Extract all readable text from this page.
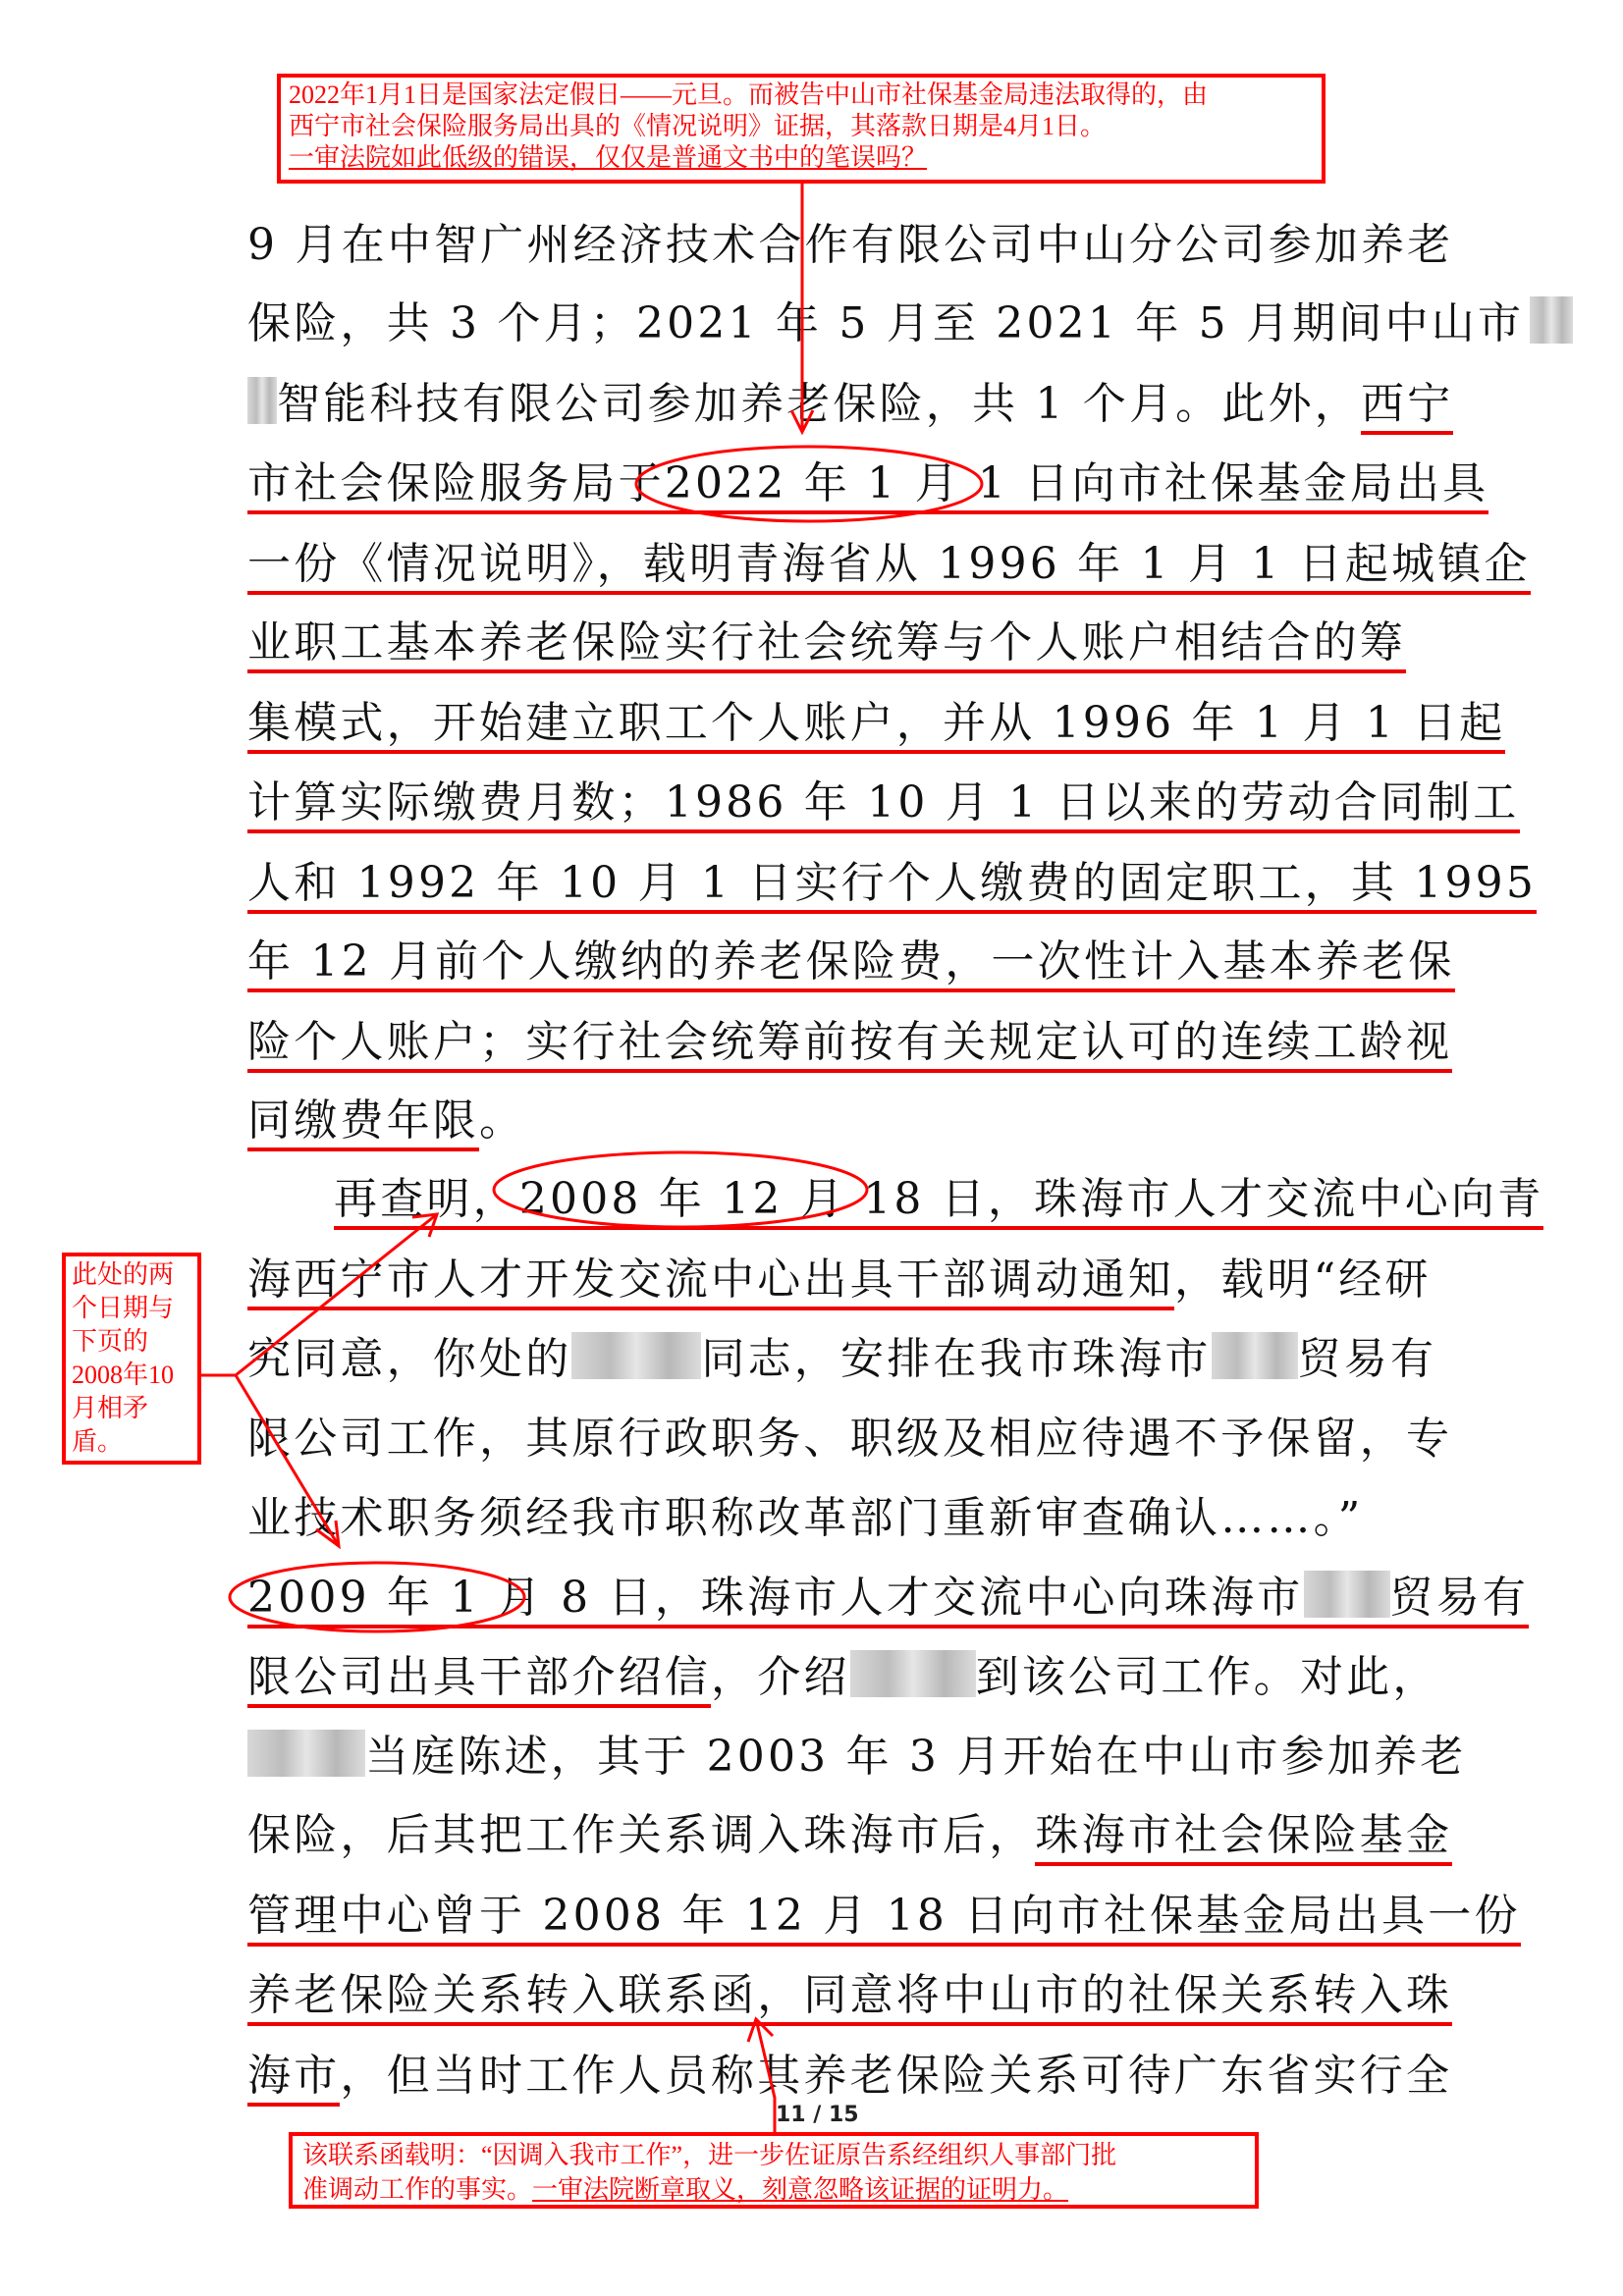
9 月在中智广州经济技术合作有限公司中山分公司参加养老
保险，共 3 个月；2021 年 5 月至 2021 年 5 月期间中山市
智能科技有限公司参加养老保险，共 1 个月。此外，西宁
市社会保险服务局于2022 年 1 月 1 日向市社保基金局出具
一份《情况说明》，载明青海省从 1996 年 1 月 1 日起城镇企
业职工基本养老保险实行社会统筹与个人账户相结合的筹
集模式，开始建立职工个人账户，并从 1996 年 1 月 1 日起
计算实际缴费月数；1986 年 10 月 1 日以来的劳动合同制工
人和 1992 年 10 月 1 日实行个人缴费的固定职工，其 1995
年 12 月前个人缴纳的养老保险费，一次性计入基本养老保
险个人账户；实行社会统筹前按有关规定认可的连续工龄视
同缴费年限。
再查明，2008 年 12 月 18 日，珠海市人才交流中心向青
海西宁市人才开发交流中心出具干部调动通知，载明“经研
究同意，你处的	同志，安排在我市珠海市 贸易有
限公司工作，其原行政职务、职级及相应待遇不予保留，专
业技术职务须经我市职称改革部门重新审查确认……。”
2009 年 1 月 8 日，珠海市人才交流中心向珠海市 贸易有
限公司出具干部介绍信，介绍	到该公司工作。对此，
当庭陈述，其于 2003 年 3 月开始在中山市参加养老
保险，后其把工作关系调入珠海市后，珠海市社会保险基金
管理中心曾于 2008 年 12 月 18 日向市社保基金局出具一份
养老保险关系转入联系函，同意将中山市的社保关系转入珠
海市，但当时工作人员称其养老保险关系可待广东省实行全
11 / 15
2022年1月1日是国家法定假日——元旦。而被告中山市社保基金局违法取得的，由
西宁市社会保险服务局出具的《情况说明》证据，其落款日期是4月1日。
一审法院如此低级的错误，仅仅是普通文书中的笔误吗？
此处的两
个日期与
下页的
2008年10
月相矛
盾。
该联系函载明：“因调入我市工作”，进一步佐证原告系经组织人事部门批
准调动工作的事实。一审法院断章取义，刻意忽略该证据的证明力。
